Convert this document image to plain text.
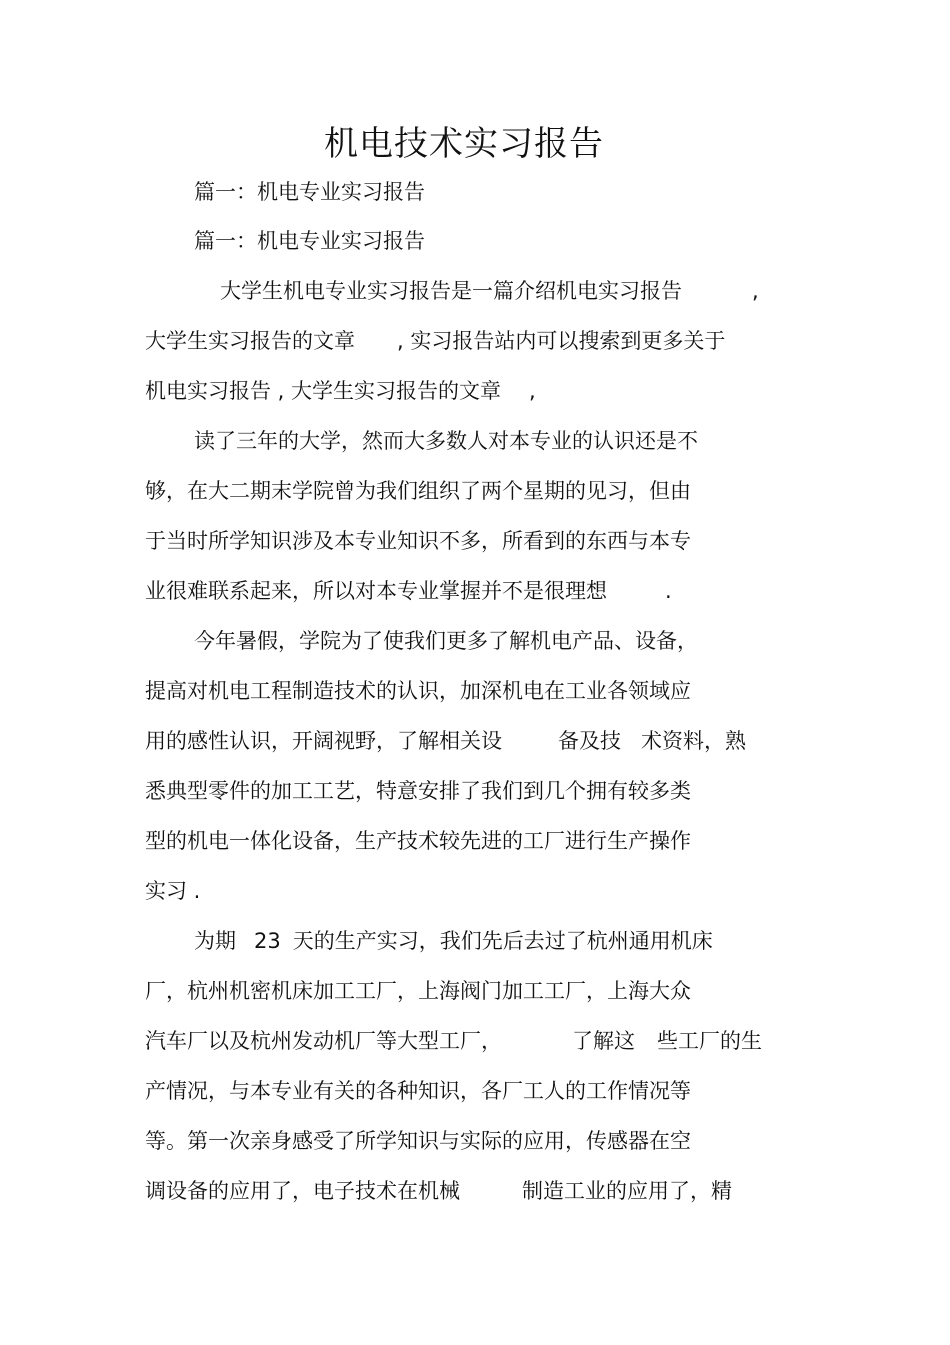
机电技术实习报告
篇一：机电专业实习报告
篇一：机电专业实习报告
大学生机电专业实习报告是一篇介绍机电实习报告	,
大学生实习报告的文章 , 实习报告站内可以搜索到更多关于
机电实习报告 , 大学生实习报告的文章 ,
读了三年的大学，然而大多数人对本专业的认识还是不
够，在大二期末学院曾为我们组织了两个星期的见习，但由
于当时所学知识涉及本专业知识不多，所看到的东西与本专
业很难联系起来，所以对本专业掌握并不是很理想	.
今年暑假，学院为了使我们更多了解机电产品、设备，
提高对机电工程制造技术的认识，加深机电在工业各领域应
用的感性认识，开阔视野，了解相关设	备及技 术资料，熟
悉典型零件的加工工艺，特意安排了我们到几个拥有较多类
型的机电一体化设备，生产技术较先进的工厂进行生产操作
实习 .
为期 23 天的生产实习，我们先后去过了杭州通用机床
厂，杭州机密机床加工工厂，上海阀门加工工厂，上海大众
汽车厂以及杭州发动机厂等大型工厂，	了解这 些工厂的生
产情况，与本专业有关的各种知识，各厂工人的工作情况等
等。第一次亲身感受了所学知识与实际的应用，传感器在空
调设备的应用了，电子技术在机械	制造工业的应用了，精
